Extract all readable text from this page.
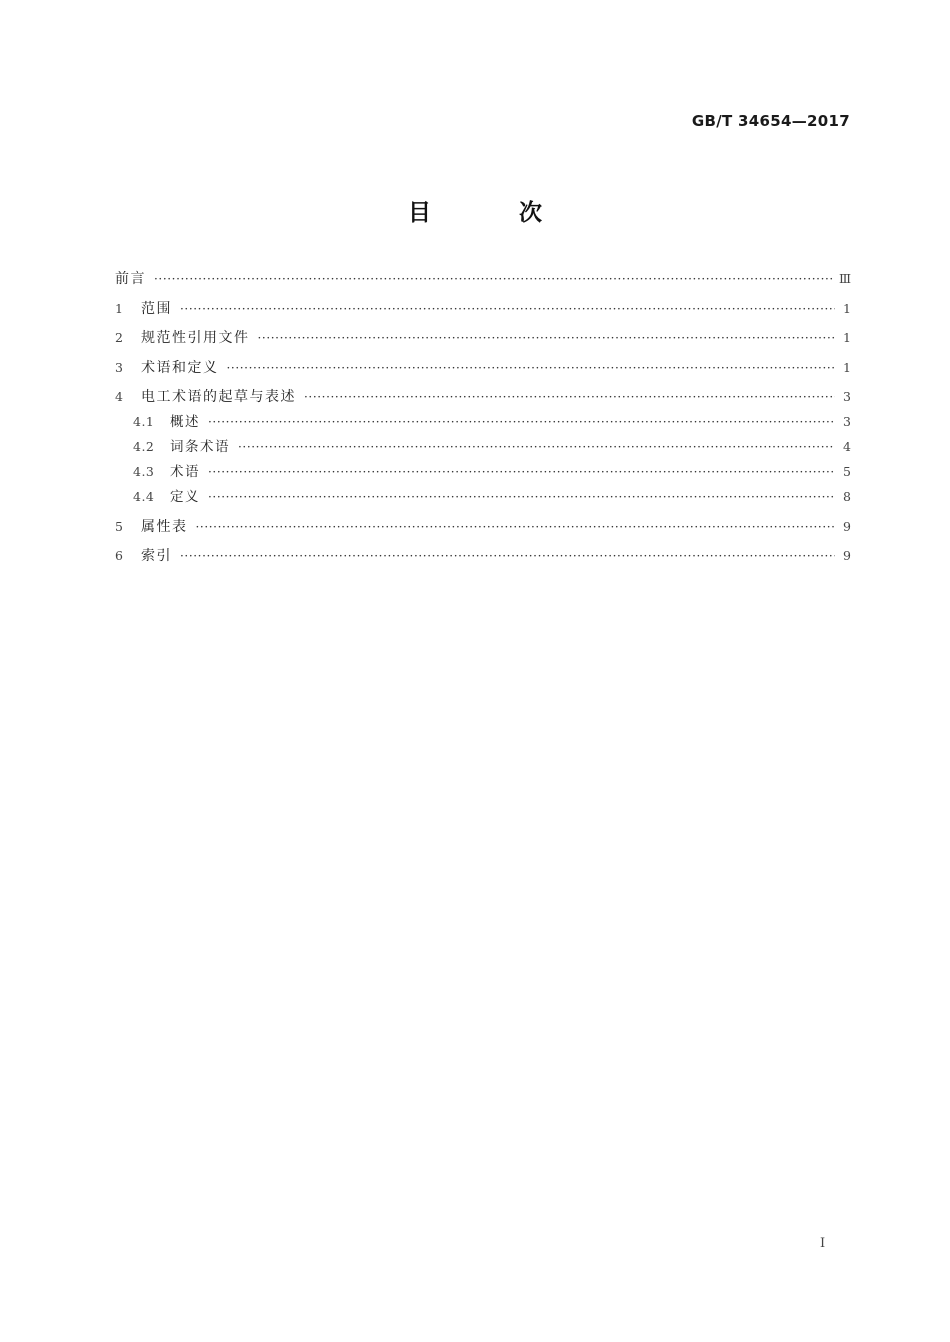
GB/T 34654—2017
目 次
前言 ·····	Ⅲ
1	范围 ·····	1
2	规范性引用文件 ·····	1
3	术语和定义 ·····	1
4	电工术语的起草与表述 ·····	3
4.1	概述 ·····	3
4.2	词条术语 ·····	4
4.3	术语 ·····	5
4.4	定义 ·····	8
5	属性表 ·····	9
6	索引 ·····	9
I
